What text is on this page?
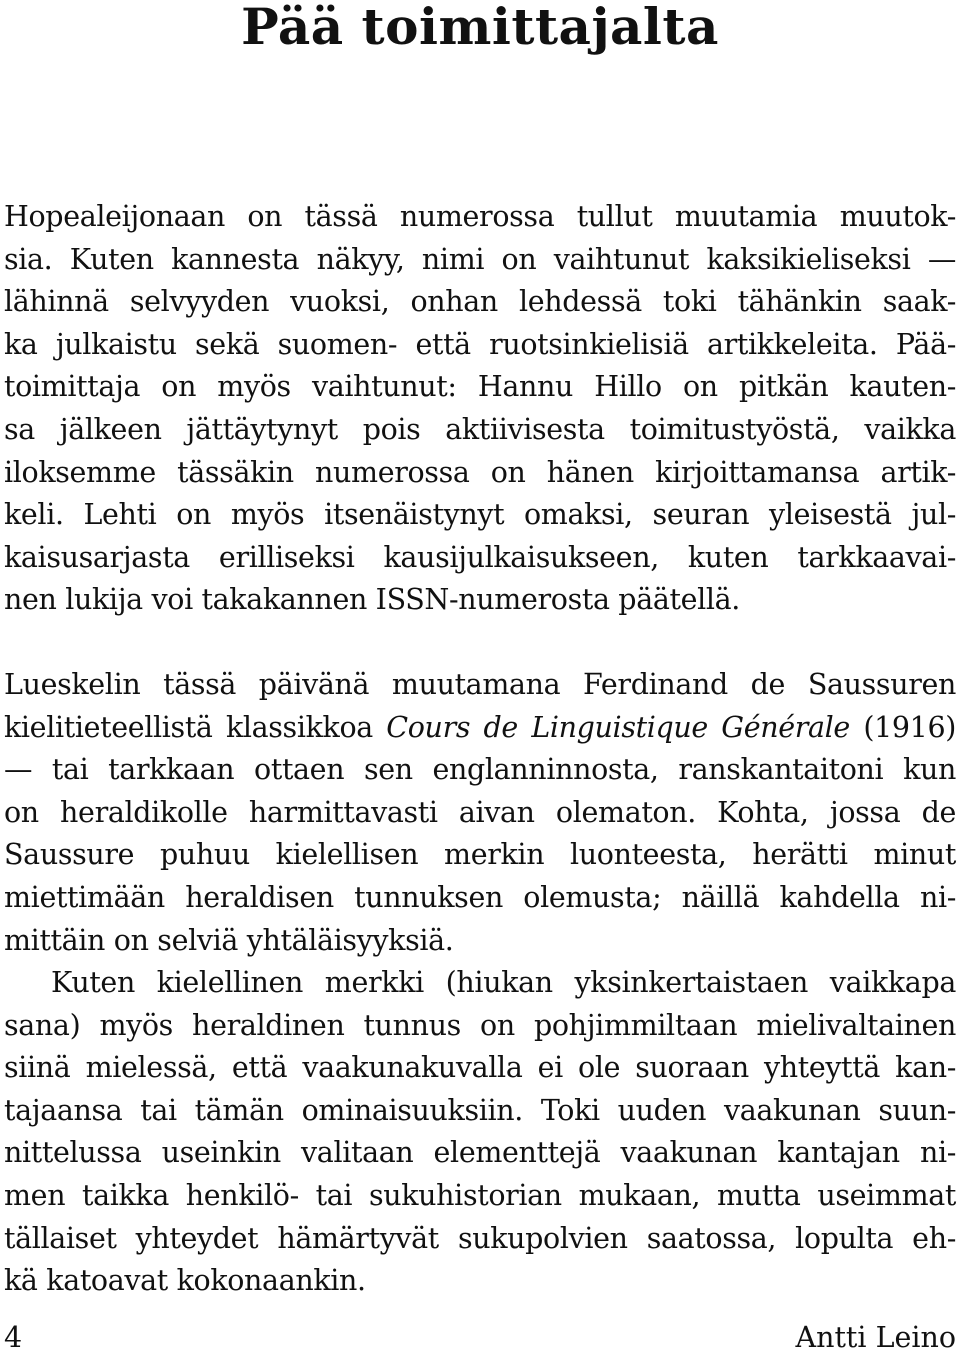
Pää toimittajalta
Hopealeijonaan on tässä numerossa tullut muutamia muutok-
sia. Kuten kannesta näkyy, nimi on vaihtunut kaksikieliseksi —
lähinnä selvyyden vuoksi, onhan lehdessä toki tähänkin saak-
ka julkaistu sekä suomen- että ruotsinkielisiä artikkeleita. Pää-
toimittaja on myös vaihtunut: Hannu Hillo on pitkän kauten-
sa jälkeen jättäytynyt pois aktiivisesta toimitustyöstä, vaikka
iloksemme tässäkin numerossa on hänen kirjoittamansa artik-
keli. Lehti on myös itsenäistynyt omaksi, seuran yleisestä jul-
kaisusarjasta erilliseksi kausijulkaisukseen, kuten tarkkaavai-
nen lukija voi takakannen ISSN-numerosta päätellä.
Lueskelin tässä päivänä muutamana Ferdinand de Saussuren
kielitieteellistä klassikkoa Cours de Linguistique Générale (1916)
— tai tarkkaan ottaen sen englanninnosta, ranskantaitoni kun
on heraldikolle harmittavasti aivan olematon. Kohta, jossa de
Saussure puhuu kielellisen merkin luonteesta, herätti minut
miettimään heraldisen tunnuksen olemusta; näillä kahdella ni-
mittäin on selviä yhtäläisyyksiä.
Kuten kielellinen merkki (hiukan yksinkertaistaen vaikkapa
sana) myös heraldinen tunnus on pohjimmiltaan mielivaltainen
siinä mielessä, että vaakunakuvalla ei ole suoraan yhteyttä kan-
tajaansa tai tämän ominaisuuksiin. Toki uuden vaakunan suun-
nittelussa useinkin valitaan elementtejä vaakunan kantajan ni-
men taikka henkilö- tai sukuhistorian mukaan, mutta useimmat
tällaiset yhteydet hämärtyvät sukupolvien saatossa, lopulta eh-
kä katoavat kokonaankin.
4	Antti Leino
